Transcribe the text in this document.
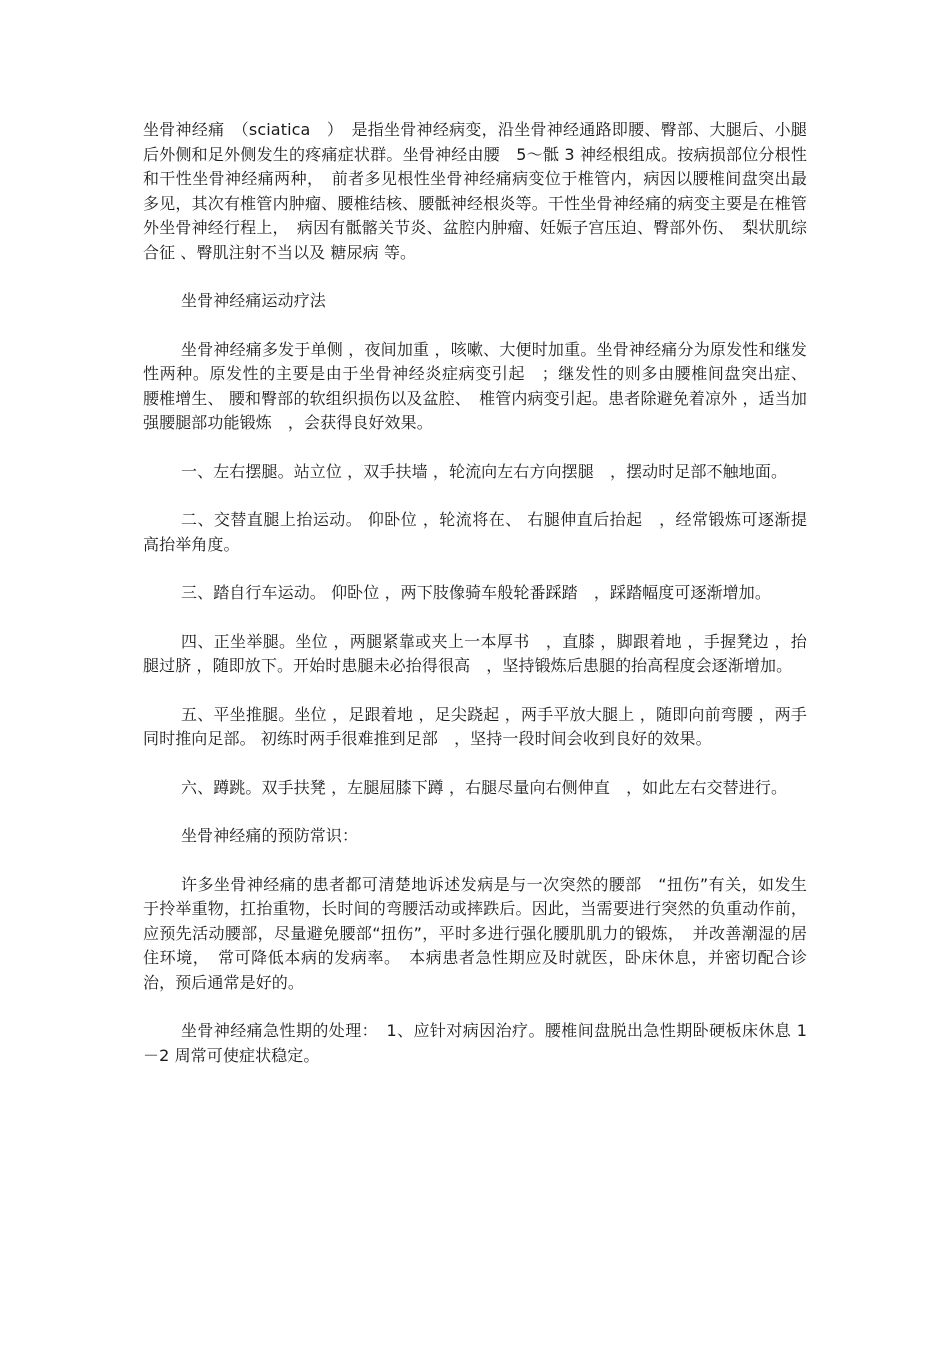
坐骨神经痛　（sciatica　）　是指坐骨神经病变，沿坐骨神经通路即腰、臀部、大腿后、小腿后外侧和足外侧发生的疼痛症状群。坐骨神经由腰　5～骶 3 神经根组成。按病损部位分根性和干性坐骨神经痛两种，　前者多见根性坐骨神经痛病变位于椎管内，病因以腰椎间盘突出最多见，其次有椎管内肿瘤、腰椎结核、腰骶神经根炎等。干性坐骨神经痛的病变主要是在椎管外坐骨神经行程上，　病因有骶髂关节炎、盆腔内肿瘤、妊娠子宫压迫、臀部外伤、　梨状肌综合征 、臀肌注射不当以及 糖尿病 等。

坐骨神经痛运动疗法

坐骨神经痛多发于单侧 ，夜间加重 ，咳嗽、大便时加重。坐骨神经痛分为原发性和继发性两种。原发性的主要是由于坐骨神经炎症病变引起　；继发性的则多由腰椎间盘突出症、 腰椎增生、 腰和臀部的软组织损伤以及盆腔、　椎管内病变引起。患者除避免着凉外 ，适当加强腰腿部功能锻炼　，会获得良好效果。

一、左右摆腿。站立位 ，双手扶墙 ，轮流向左右方向摆腿　，摆动时足部不触地面。

二、交替直腿上抬运动。 仰卧位 ，轮流将在、 右腿伸直后抬起　，经常锻炼可逐渐提高抬举角度。

三、踏自行车运动。 仰卧位 ，两下肢像骑车般轮番踩踏　，踩踏幅度可逐渐增加。

四、正坐举腿。坐位 ，两腿紧靠或夹上一本厚书　，直膝 ，脚跟着地 ，手握凳边 ，抬腿过脐 ，随即放下。开始时患腿未必抬得很高　，坚持锻炼后患腿的抬高程度会逐渐增加。

五、平坐推腿。坐位 ，足跟着地 ，足尖跷起 ，两手平放大腿上 ，随即向前弯腰 ，两手同时推向足部。 初练时两手很难推到足部　，坚持一段时间会收到良好的效果。

六、蹲跳。双手扶凳 ，左腿屈膝下蹲 ，右腿尽量向右侧伸直　，如此左右交替进行。

坐骨神经痛的预防常识：

许多坐骨神经痛的患者都可清楚地诉述发病是与一次突然的腰部　“扭伤”有关，如发生于拎举重物，扛抬重物，长时间的弯腰活动或摔跌后。因此，当需要进行突然的负重动作前，应预先活动腰部，尽量避免腰部“扭伤”，平时多进行强化腰肌肌力的锻炼，　并改善潮湿的居住环境，　常可降低本病的发病率。　本病患者急性期应及时就医，卧床休息，并密切配合诊治，预后通常是好的。

坐骨神经痛急性期的处理：　1、应针对病因治疗。腰椎间盘脱出急性期卧硬板床休息 1－2 周常可使症状稳定。
